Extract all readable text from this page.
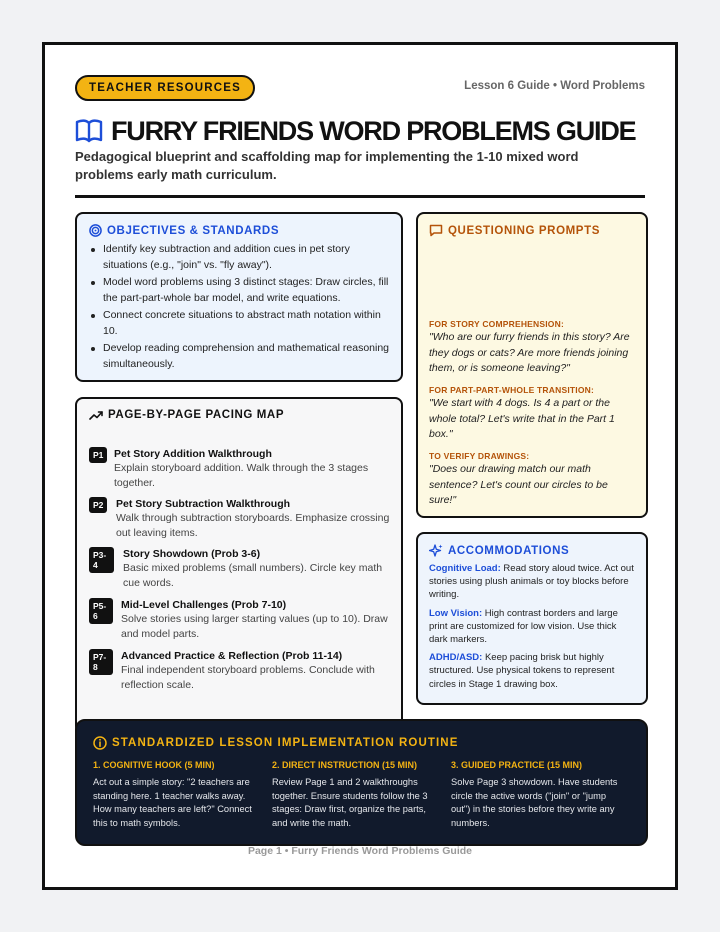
TEACHER RESOURCES	Lesson 6 Guide • Word Problems
FURRY FRIENDS WORD PROBLEMS GUIDE

Pedagogical blueprint and scaffolding map for implementing the 1-10 mixed word problems early math curriculum.

OBJECTIVES & STANDARDS
Identify key subtraction and addition cues in pet story situations (e.g., "join" vs. "fly away").
Model word problems using 3 distinct stages: Draw circles, fill the part-part-whole bar model, and write equations.
Connect concrete situations to abstract math notation within 10.
Develop reading comprehension and mathematical reasoning simultaneously.
QUESTIONING PROMPTS
FOR STORY COMPREHENSION:
"Who are our furry friends in this story? Are they dogs or cats? Are more friends joining them, or is someone leaving?"
FOR PART-PART-WHOLE TRANSITION:
"We start with 4 dogs. Is 4 a part or the whole total? Let's write that in the Part 1 box."
TO VERIFY DRAWINGS:
"Does our drawing match our math sentence? Let's count our circles to be sure!"
PAGE-BY-PAGE PACING MAP
P1	Pet Story Addition Walkthrough
Explain storyboard addition. Walk through the 3 stages together.
P2	Pet Story Subtraction Walkthrough
Walk through subtraction storyboards. Emphasize crossing out leaving items.
P3-4
Story Showdown (Prob 3-6)
Basic mixed problems (small numbers). Circle key math cue words.
P5-6
Mid-Level Challenges (Prob 7-10)
Solve stories using larger starting values (up to 10). Draw and model parts.
P7-8
Advanced Practice & Reflection (Prob 11-14)
Final independent storyboard problems. Conclude with reflection scale.
ACCOMMODATIONS
Cognitive Load: Read story aloud twice. Act out stories using plush animals or toy blocks before writing.
Low Vision: High contrast borders and large print are customized for low vision. Use thick dark markers.
ADHD/ASD: Keep pacing brisk but highly structured. Use physical tokens to represent circles in Stage 1 drawing box.
STANDARDIZED LESSON IMPLEMENTATION ROUTINE
1. COGNITIVE HOOK (5 MIN)
Act out a simple story: "2 teachers are standing here. 1 teacher walks away. How many teachers are left?" Connect this to math symbols.
2. DIRECT INSTRUCTION (15 MIN)
Review Page 1 and 2 walkthroughs together. Ensure students follow the 3 stages: Draw first, organize the parts, and write the math.
3. GUIDED PRACTICE (15 MIN)
Solve Page 3 showdown. Have students circle the active words ("join" or "jump out") in the stories before they write any numbers.
Page 1 • Furry Friends Word Problems Guide
